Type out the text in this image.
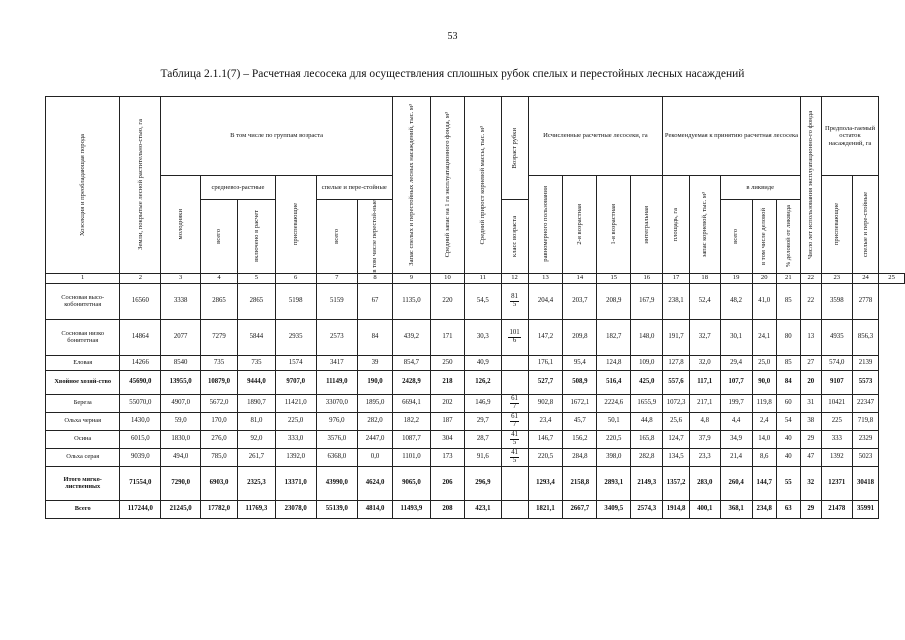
53
Таблица 2.1.1(7) – Расчетная лесосека для осуществления сплошных рубок спелых и перестойных лесных насаждений
Хозсекция и преобладающая порода	Земли, покрытые лесной растительно-стью, га	В том числе по группам возраста						Запас спелых и перестойных лесных насаждений, тыс. м³	Средний запас на 1 га эксплуатационного фонда, м³	Средний прирост корневой массы, тыс. м³	Возраст рубки	Исчисленные расчетные лесосеки, га				Рекомендуемая к принятию расчетная лесосека					Число лет использования эксплуатационно-го фонда	Предпола-гаемый остаток насаждений, га		

		молодняки	средневоз-растные		приспевающие	спелые и пере-стойные						равномерного пользования	2-я возрастная	1-я возрастная	интегральная	площадь, га	запас корневой, тыс. м³	в ликвиде				приспевающие	спелые и пере-стойные	

			всего	включено в расчет		всего	в том числе перестой-ные				класс возраста							всего	в том числе деловой	% деловой от ликвида				

1	2	3	4	5	6	7	8	9	10	11	12	13	14	15	16	17	18	19	20	21	22	23	24	25
Сосновая высо-кобонитетная	16560	3338	2865	2865	5198	5159	67	1135,0	220	54,5	$\frac{81}{5}$	204,4	203,7	208,9	167,9	238,1	52,4	48,2	41,0	85	22	3598	2778	
Сосновая низко бонитетная	14864	2077	7279	5844	2935	2573	84	439,2	171	30,3	$\frac{101}{6}$	147,2	209,8	182,7	148,0	191,7	32,7	30,1	24,1	80	13	4935	856,3	
Еловая	14266	8540	735	735	1574	3417	39	854,7	250	40,9		176,1	95,4	124,8	109,0	127,8	32,0	29,4	25,0	85	27	574,0	2139	
Хвойное хозяй-ство	45690,0	13955,0	10879,0	9444,0	9707,0	11149,0	190,0	2428,9	218	126,2		527,7	508,9	516,4	425,0	557,6	117,1	107,7	90,0	84	20	9107	5573	
Береза	55070,0	4907,0	5672,0	1890,7	11421,0	33070,0	1895,0	6694,1	202	146,9	$\frac{61}{7}$	902,8	1672,1	2224,6	1655,9	1072,3	217,1	199,7	119,8	60	31	10421	22347	
Ольха черная	1430,0	59,0	170,0	81,0	225,0	976,0	282,0	182,2	187	29,7	$\frac{61}{7}$	23,4	45,7	50,1	44,8	25,6	4,8	4,4	2,4	54	38	225	719,8	
Осина	6015,0	1830,0	276,0	92,0	333,0	3576,0	2447,0	1087,7	304	28,7	$\frac{41}{5}$	146,7	156,2	220,5	165,8	124,7	37,9	34,9	14,0	40	29	333	2329	
Ольха серая	9039,0	494,0	785,0	261,7	1392,0	6368,0	0,0	1101,0	173	91,6	$\frac{41}{5}$	220,5	284,8	398,0	282,8	134,5	23,3	21,4	8,6	40	47	1392	5023	
Итого мягко-лиственных	71554,0	7290,0	6903,0	2325,3	13371,0	43990,0	4624,0	9065,0	206	296,9		1293,4	2158,8	2893,1	2149,3	1357,2	283,0	260,4	144,7	55	32	12371	30418	
Всего	117244,0	21245,0	17782,0	11769,3	23078,0	55139,0	4814,0	11493,9	208	423,1		1821,1	2667,7	3409,5	2574,3	1914,8	400,1	368,1	234,8	63	29	21478	35991	
